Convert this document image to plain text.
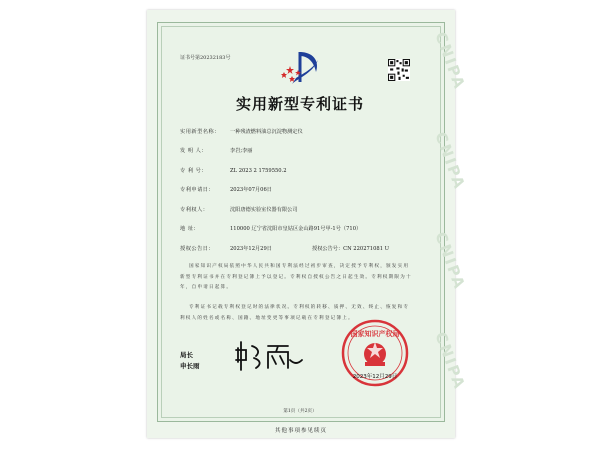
CNIPA
CNIPA
CNIPA
CNIPA
证书号第20232183号
实用新型专利证书
实用新型名称： 一种残渣燃料油总沉淀物测定仪
发 明 人：	李岩;李丽
专 利 号：	ZL 2023 2 1759550.2
专利申请日：	2023年07月06日
专利权人：	沈阳唐德实验室仪器有限公司
地 址：	110000 辽宁省沈阳市皇姑区金山路91号甲-1号（710）
授权公告日：	2023年12月29日	授权公告号：CN 220271081 U
国家知识产权局依照中华人民共和国专利法经过初步审查，决定授予专利权，颁发实用新型专利证书并在专利登记簿上予以登记。专利权自授权公告之日起生效。专利权期限为十年，自申请日起算。
专利证书记载专利权登记时的法律状况。专利权的转移、质押、无效、终止、恢复和专利权人的姓名或名称、国籍、地址变更等事项记载在专利登记簿上。
局长
申长雨
国家知识产权局
2023年12月29日
第1页（共2页）
其他事项参见续页
